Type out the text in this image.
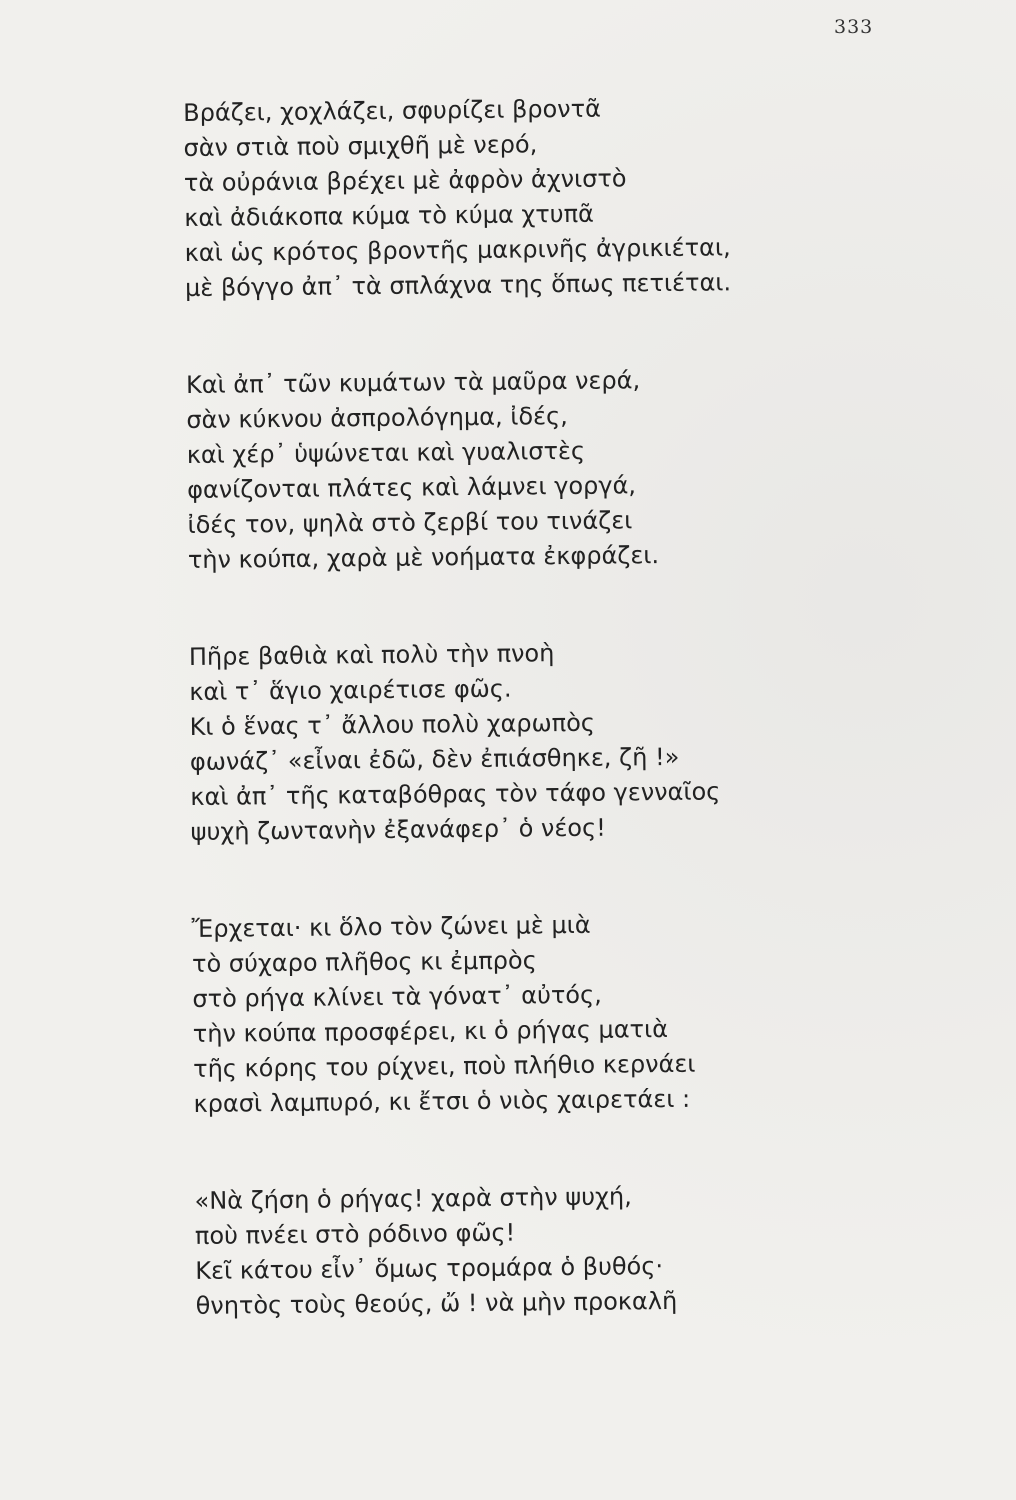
333
Βράζει, χοχλάζει, σφυρίζει βροντᾶ
σὰν στιὰ ποὺ σμιχθῆ μὲ νερό,
τὰ οὐράνια βρέχει μὲ ἀφρὸν ἀχνιστὸ
καὶ ἀδιάκοπα κύμα τὸ κύμα χτυπᾶ
καὶ ὡς κρότος βροντῆς μακρινῆς ἀγρικιέται,
μὲ βόγγο ἀπ᾽ τὰ σπλάχνα της ὅπως πετιέται.
Καὶ ἀπ᾽ τῶν κυμάτων τὰ μαῦρα νερά,
σὰν κύκνου ἀσπρολόγημα, ἰδές,
καὶ χέρ᾽ ὑψώνεται καὶ γυαλιστὲς
φανίζονται πλάτες καὶ λάμνει γοργά,
ἰδές τον, ψηλὰ στὸ ζερβί του τινάζει
τὴν κούπα, χαρὰ μὲ νοήματα ἐκφράζει.
Πῆρε βαθιὰ καὶ πολὺ τὴν πνοὴ
καὶ τ᾽ ἅγιο χαιρέτισε φῶς.
Κι ὁ ἕνας τ᾽ ἄλλου πολὺ χαρωπὸς
φωνάζ᾽ «εἶναι ἐδῶ, δὲν ἐπιάσθηκε, ζῆ !»
καὶ ἀπ᾽ τῆς καταβόθρας τὸν τάφο γενναῖος
ψυχὴ ζωντανὴν ἐξανάφερ᾽ ὁ νέος!
Ἔρχεται· κι ὅλο τὸν ζώνει μὲ μιὰ
τὸ σύχαρο πλῆθος κι ἐμπρὸς
στὸ ρήγα κλίνει τὰ γόνατ᾽ αὐτός,
τὴν κούπα προσφέρει, κι ὁ ρήγας ματιὰ
τῆς κόρης του ρίχνει, ποὺ πλήθιο κερνάει
κρασὶ λαμπυρό, κι ἔτσι ὁ νιὸς χαιρετάει :
«Νὰ ζήση ὁ ρήγας! χαρὰ στὴν ψυχή,
ποὺ πνέει στὸ ρόδινο φῶς!
Κεῖ κάτου εἶν᾽ ὅμως τρομάρα ὁ βυθός·
θνητὸς τοὺς θεούς, ὤ ! νὰ μὴν προκαλῆ
